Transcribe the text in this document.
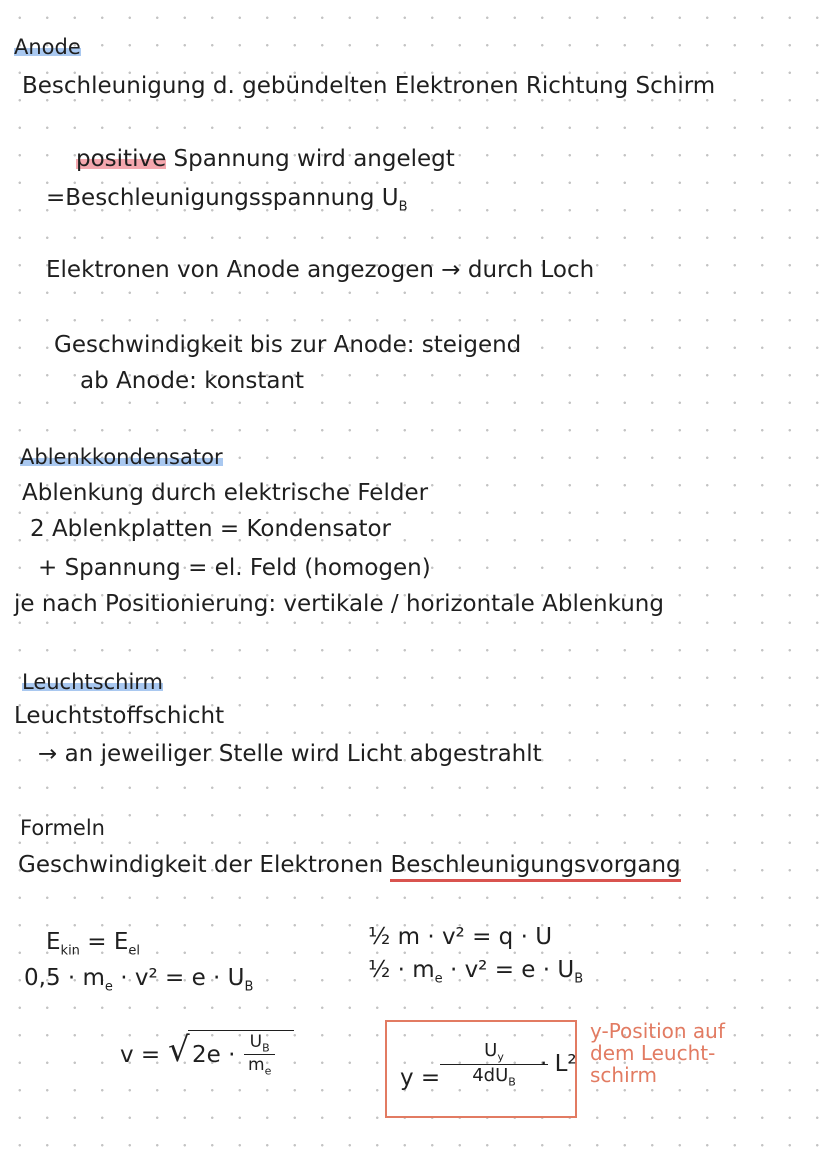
Anode
Beschleunigung d. gebündelten Elektronen Richtung Schirm
positive Spannung wird angelegt
=Beschleunigungsspannung $U_B$
Elektronen von Anode angezogen → durch Loch
Geschwindigkeit bis zur Anode: steigend
ab Anode: konstant
Ablenkkondensator
Ablenkung durch elektrische Felder
2 Ablenkplatten = Kondensator
+ Spannung = el. Feld (homogen)
je nach Positionierung: vertikale / horizontale Ablenkung
Leuchtschirm
Leuchtstoffschicht
→ an jeweiliger Stelle wird Licht abgestrahlt
Formeln
Geschwindigkeit der Elektronen Beschleunigungsvorgang
$E_{kin} = E_{el}$
$0,5 \cdot m_e \cdot v^2 = e \cdot U_B$
½ m · v² = q · U
½ · $m_e \cdot v^2 = e \cdot U_B$
v = √ $2e \cdot \frac{U_B}{m_e}$
y =
$U_y$
$4dU_B$
· L²
y-Position auf
dem Leucht-
schirm
